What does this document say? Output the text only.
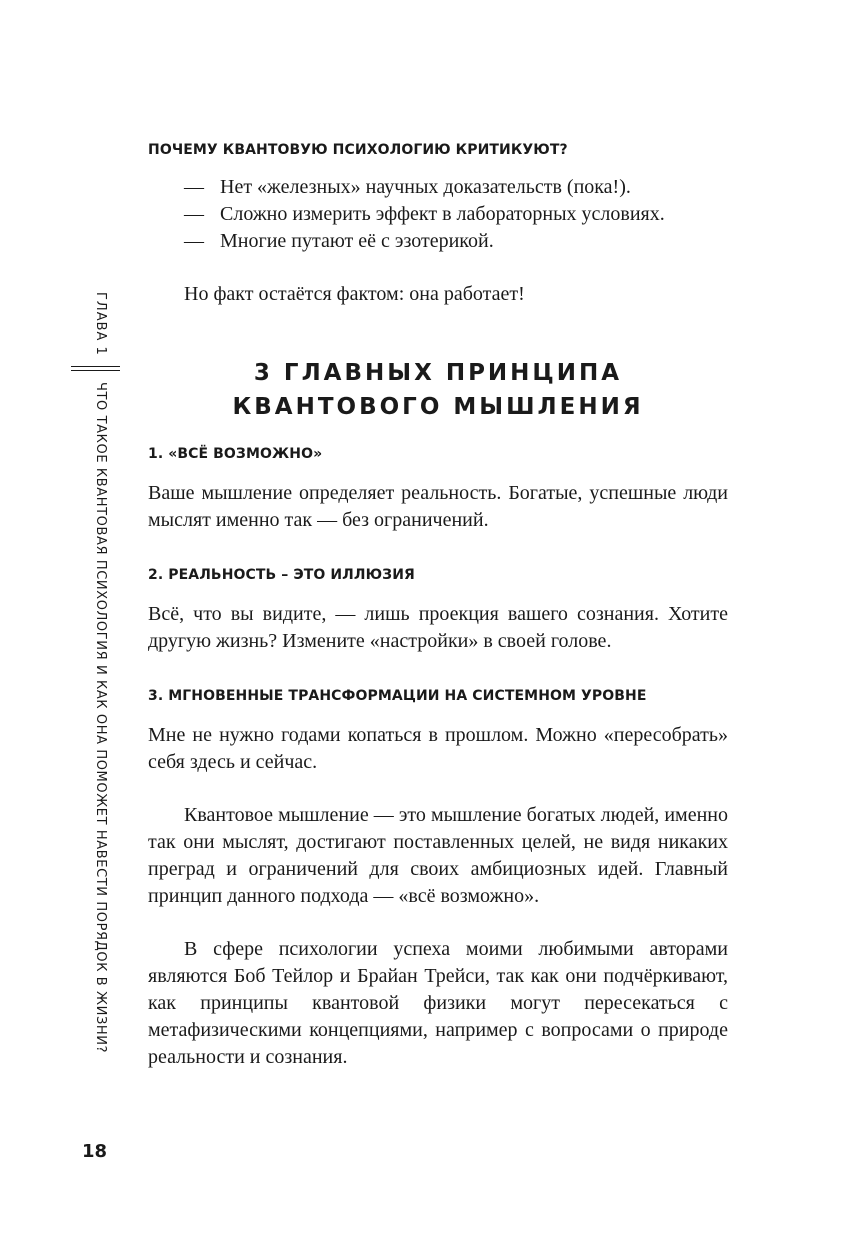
ГЛАВА 1
ЧТО ТАКОЕ КВАНТОВАЯ ПСИХОЛОГИЯ И КАК ОНА ПОМОЖЕТ НАВЕСТИ ПОРЯДОК В ЖИЗНИ?
18
ПОЧЕМУ КВАНТОВУЮ ПСИХОЛОГИЮ КРИТИКУЮТ?
— Нет «железных» научных доказательств (пока!).
— Сложно измерить эффект в лабораторных условиях.
— Многие путают её с эзотерикой.

Но факт остаётся фактом: она работает!

3 ГЛАВНЫХ ПРИНЦИПА
КВАНТОВОГО МЫШЛЕНИЯ
1. «ВСЁ ВОЗМОЖНО»

Ваше мышление определяет реальность. Богатые, успешные люди мыслят именно так — без ограничений.

2. РЕАЛЬНОСТЬ – ЭТО ИЛЛЮЗИЯ

Всё, что вы видите, — лишь проекция вашего сознания. Хотите другую жизнь? Измените «настройки» в своей голове.

3. МГНОВЕННЫЕ ТРАНСФОРМАЦИИ НА СИСТЕМНОМ УРОВНЕ

Мне не нужно годами копаться в прошлом. Можно «пересобрать» себя здесь и сейчас.

Квантовое мышление — это мышление богатых людей, именно так они мыслят, достигают поставленных целей, не видя никаких преград и ограничений для своих амбициозных идей. Главный принцип данного подхода — «всё возможно».

В сфере психологии успеха моими любимыми авторами являются Боб Тейлор и Брайан Трейси, так как они подчёркивают, как принципы квантовой физики могут пересекаться с метафизическими концепциями, например с вопросами о природе реальности и сознания.
